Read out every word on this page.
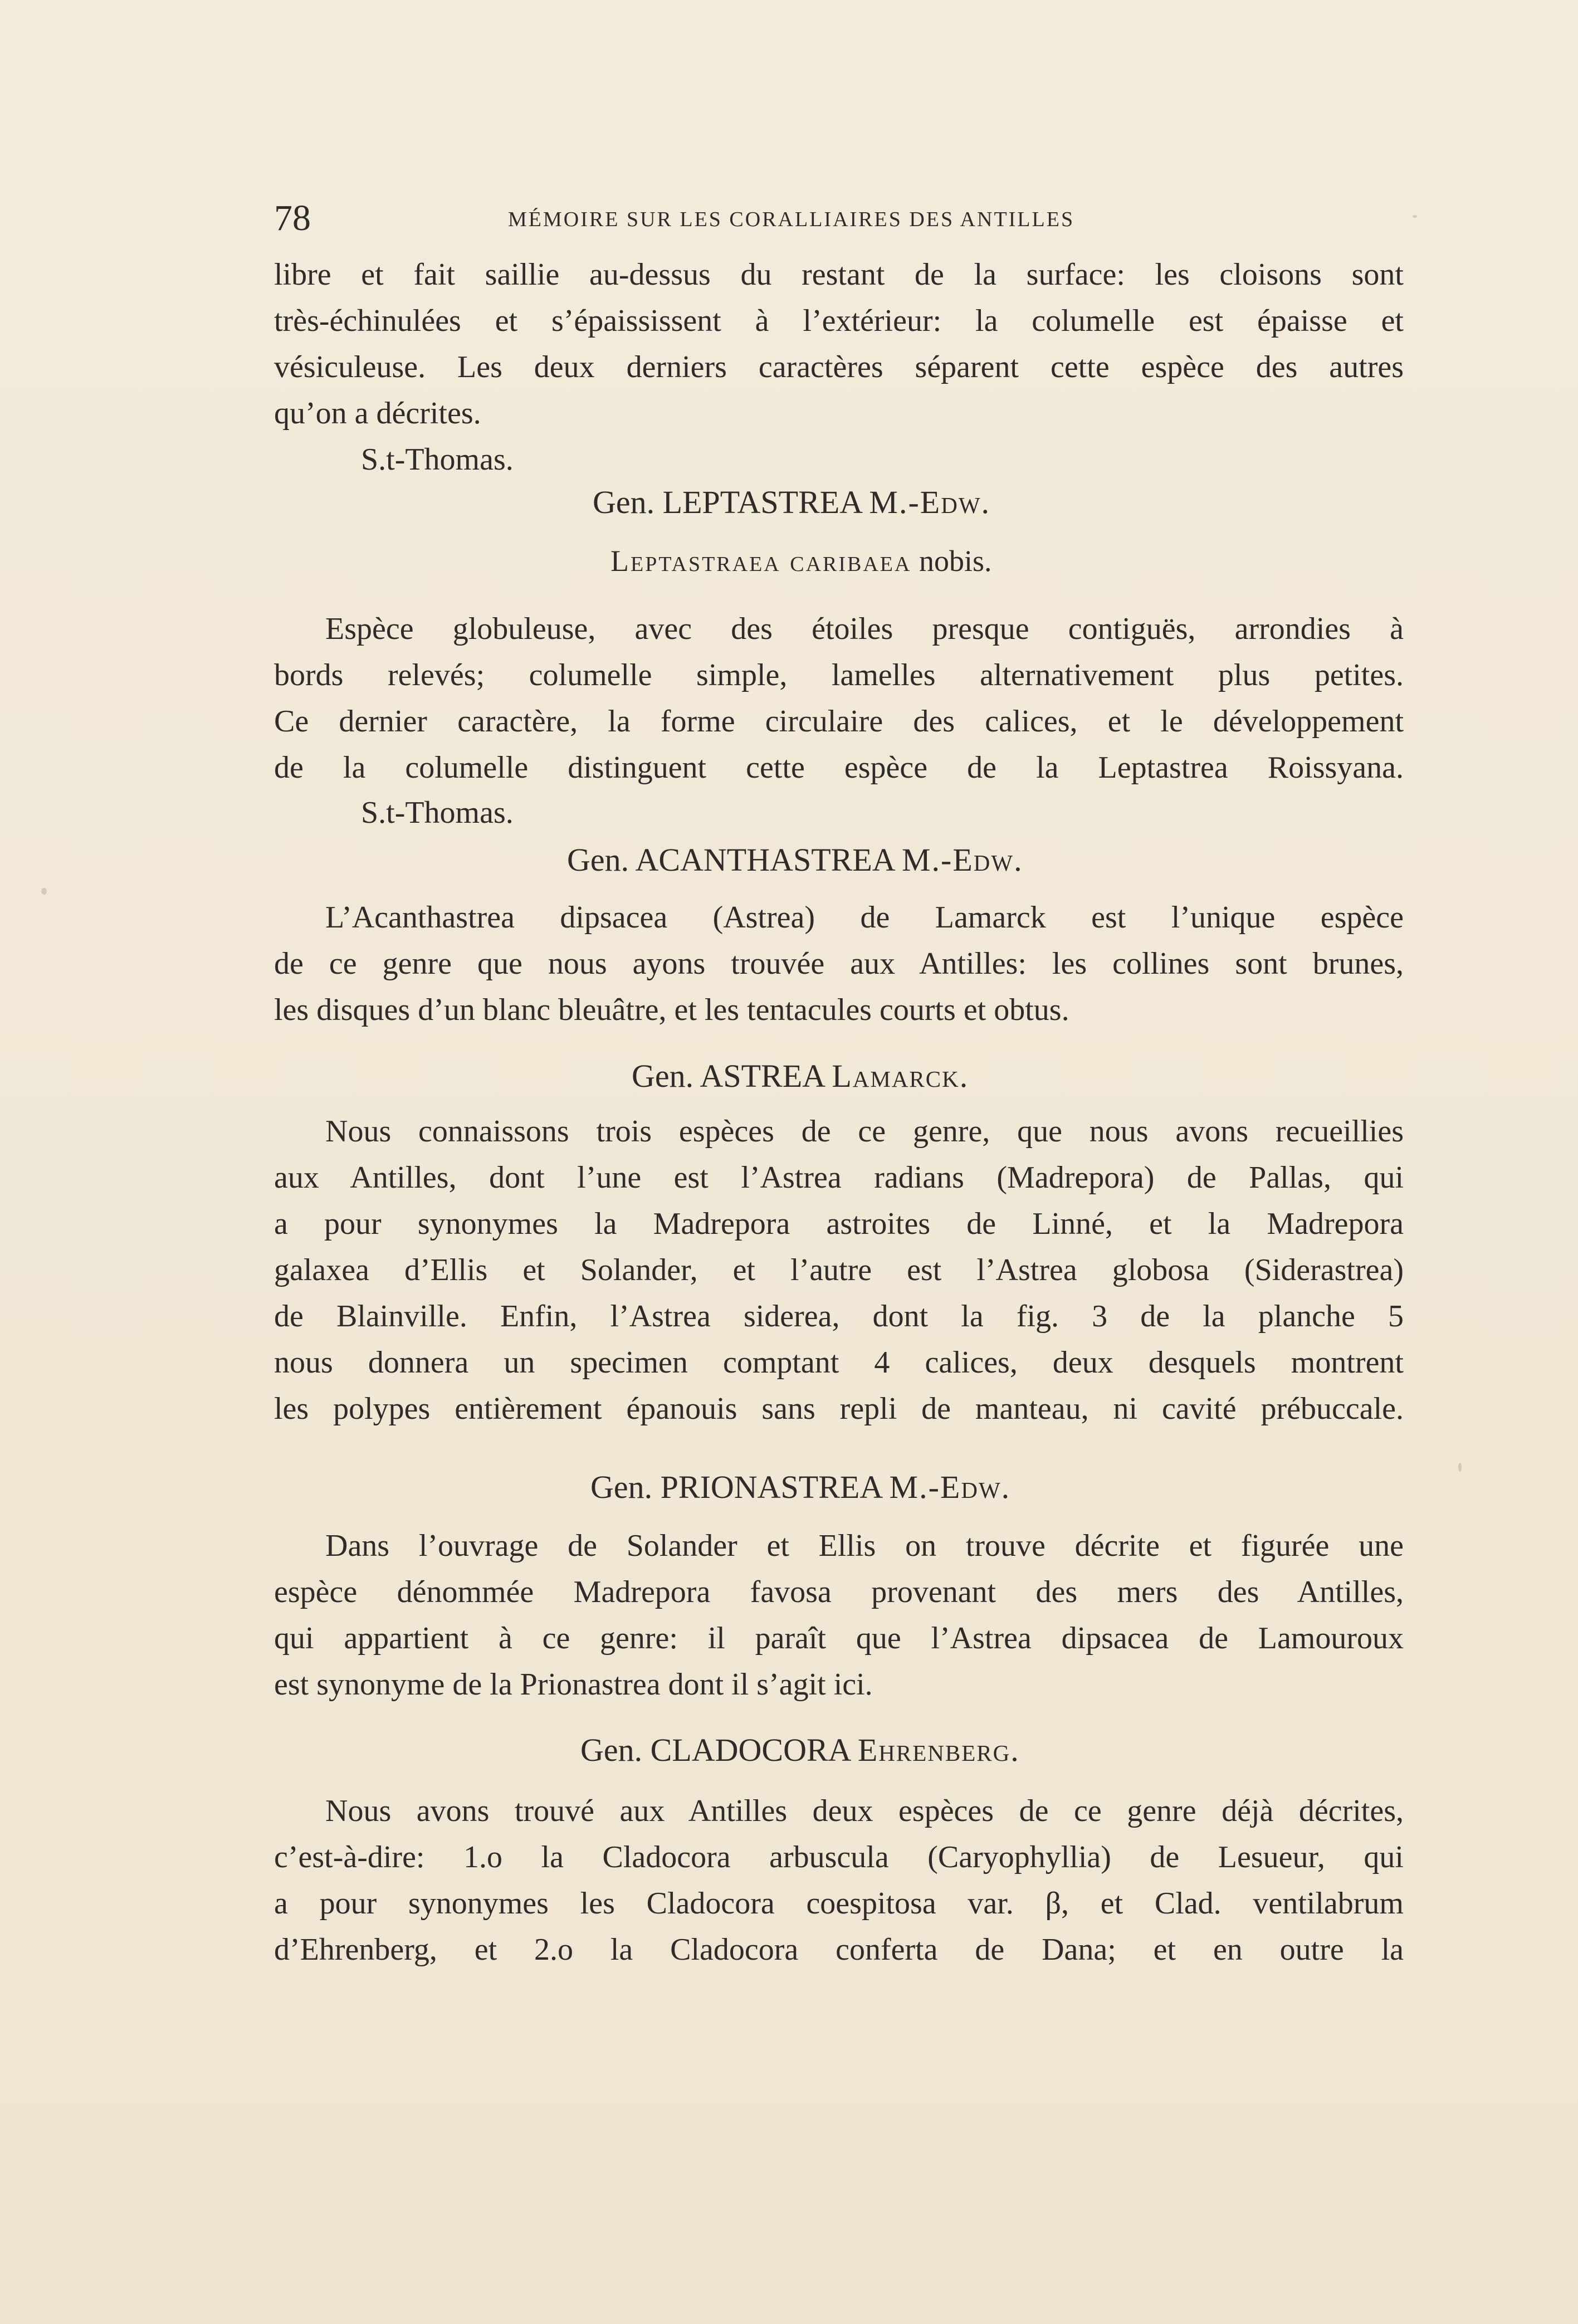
78	MÉMOIRE SUR LES CORALLIAIRES DES ANTILLES
libre et fait saillie au-dessus du restant de la surface: les cloisons sont
très-échinulées et s’épaississent à l’extérieur: la columelle est épaisse et
vésiculeuse. Les deux derniers caractères séparent cette espèce des autres
qu’on a décrites.
S.t-Thomas.
Gen. LEPTASTREA M.-Edw.
Leptastraea caribaea nobis.
Espèce globuleuse, avec des étoiles presque contiguës, arrondies à
bords relevés; columelle simple, lamelles alternativement plus petites.
Ce dernier caractère, la forme circulaire des calices, et le développement
de la columelle distinguent cette espèce de la Leptastrea Roissyana.
S.t-Thomas.
Gen. ACANTHASTREA M.-Edw.
L’Acanthastrea dipsacea (Astrea) de Lamarck est l’unique espèce
de ce genre que nous ayons trouvée aux Antilles: les collines sont brunes,
les disques d’un blanc bleuâtre, et les tentacules courts et obtus.
Gen. ASTREA Lamarck.
Nous connaissons trois espèces de ce genre, que nous avons recueillies
aux Antilles, dont l’une est l’Astrea radians (Madrepora) de Pallas, qui
a pour synonymes la Madrepora astroites de Linné, et la Madrepora
galaxea d’Ellis et Solander, et l’autre est l’Astrea globosa (Siderastrea)
de Blainville. Enfin, l’Astrea siderea, dont la fig. 3 de la planche 5
nous donnera un specimen comptant 4 calices, deux desquels montrent
les polypes entièrement épanouis sans repli de manteau, ni cavité prébuccale.
Gen. PRIONASTREA M.-Edw.
Dans l’ouvrage de Solander et Ellis on trouve décrite et figurée une
espèce dénommée Madrepora favosa provenant des mers des Antilles,
qui appartient à ce genre: il paraît que l’Astrea dipsacea de Lamouroux
est synonyme de la Prionastrea dont il s’agit ici.
Gen. CLADOCORA Ehrenberg.
Nous avons trouvé aux Antilles deux espèces de ce genre déjà décrites,
c’est-à-dire: 1.o la Cladocora arbuscula (Caryophyllia) de Lesueur, qui
a pour synonymes les Cladocora coespitosa var. β, et Clad. ventilabrum
d’Ehrenberg, et 2.o la Cladocora conferta de Dana; et en outre la
